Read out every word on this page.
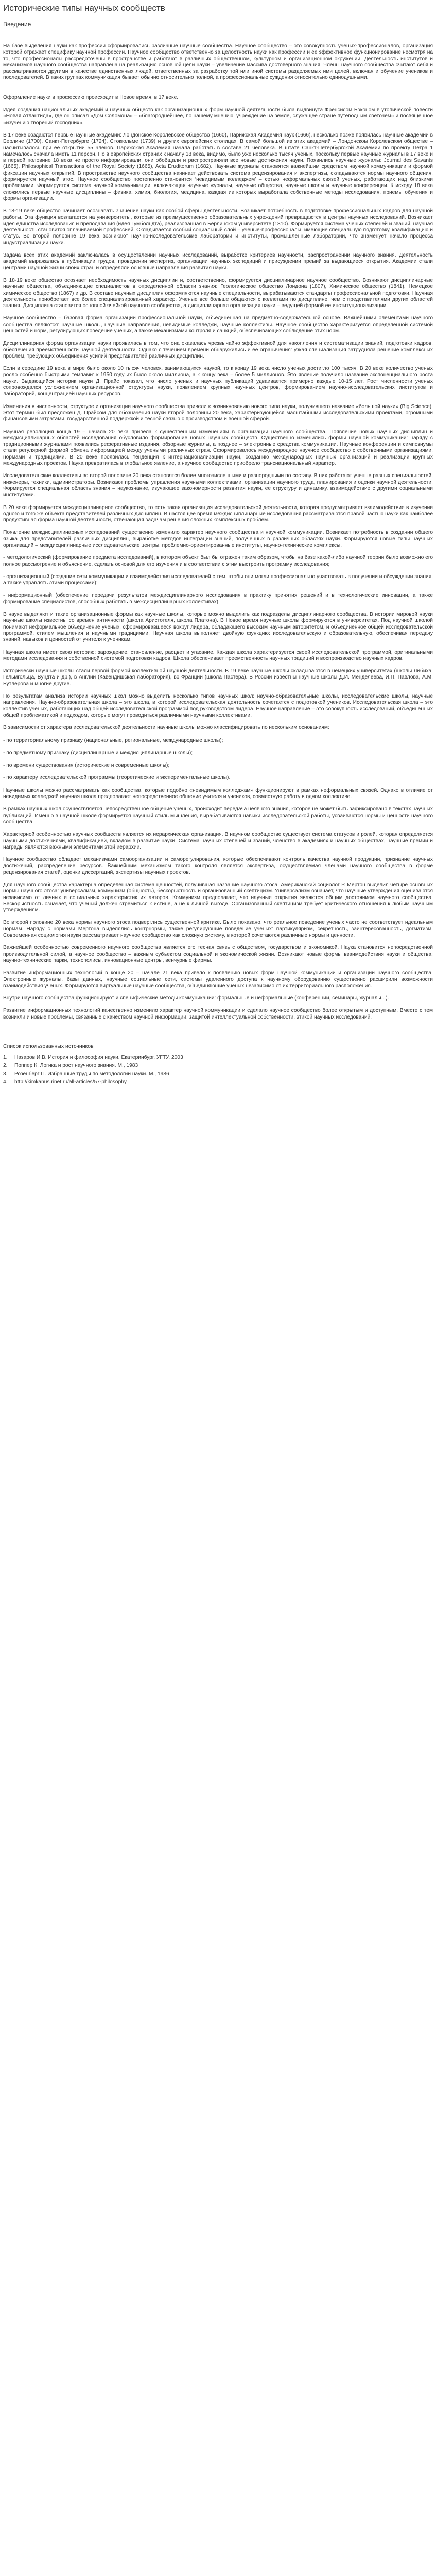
Исторические типы научных сообществ
Введение

На базе выделения науки как профессии сформировались различные научные сообщества. Научное сообщество – это совокупность ученых-профессионалов, организация которой отражает специфику научной профессии. Научное сообщество ответственно за целостность науки как профессии и ее эффективное функционирование несмотря на то, что профессионалы рассредоточены в пространстве и работают в различных общественном, культурном и организационном окружении. Деятельность институтов и механизмов научного сообщества направлена на реализацию основной цели науки – увеличение массива достоверного знания. Члены научного сообщества считают себя и рассматриваются другими в качестве единственных людей, ответственных за разработку той или иной системы разделяемых ими целей, включая и обучение учеников и последователей. В таких группах коммуникация бывает обычно относительно полной, а профессиональные суждения относительно единодушными.

Оформление науки в профессию происходит в Новое время, в 17 веке.

Идея создания национальных академий и научных обществ как организационных форм научной деятельности была выдвинута Френсисом Бэконом в утопической повести «Новая Атлантида», где он описал «Дом Соломона» – «благороднейшее, по нашему мнению, учреждение на земле, служащее стране путеводным светочем» и посвященное «изучению творений господних».

В 17 веке создаются первые научные академии: Лондонское Королевское общество (1660), Парижская Академия наук (1666), несколько позже появилась научные академии в Берлине (1700), Санкт-Петербурге (1724), Стокгольме (1739) и других европейских столицах. В самой большой из этих академий – Лондонском Королевском обществе – насчитывалось при ее открытии 55 членов. Парижская Академия начала работать в составе 21 человека. В штате Санкт-Петербургской Академии по проекту Петра 1 намечалось сначала иметь 11 персон. Но в европейских странах к началу 18 века, видимо, было уже несколько тысяч ученых, поскольку первые научные журналы в 17 веке и в первой половине 18 века не просто информировали, они обобщали и распространяли все новые достижения науки. Появились научные журналы: Journal des Savants (1665), Philosophical Transactions of the Royal Society (1665), Acta Eruditorum (1682). Научные журналы становятся важнейшим средством научной коммуникации и формой фиксации научных открытий. В пространстве научного сообщества начинает действовать система рецензирования и экспертизы, складываются нормы научного общения, формируется научный этос. Научное сообщество постепенно становится ‘невидимым колледжем’ – сетью неформальных связей ученых, работающих над близкими проблемами. Формируется система научной коммуникации, включающая научные журналы, научные общества, научные школы и научные конференции. К исходу 18 века сложились первые научные дисциплины – физика, химия, биология, медицина, каждая из которых выработала собственные методы исследования, приемы обучения и формы организации.

В 18-19 веке общество начинает осознавать значение науки как особой сферы деятельности. Возникает потребность в подготовке профессиональных кадров для научной работы. Эта функция возлагается на университеты, которые из преимущественно образовательных учреждений превращаются в центры научных исследований. Возникает идея единства исследования и преподавания (идея Гумбольдта), реализованная в Берлинском университете (1810). Формируется система ученых степеней и званий, научная деятельность становится оплачиваемой профессией. Складывается особый социальный слой – ученые-профессионалы, имеющие специальную подготовку, квалификацию и статус. Во второй половине 19 века возникают научно-исследовательские лаборатории и институты, промышленные лаборатории, что знаменует начало процесса индустриализации науки.

Задача всех этих академий заключалась в осуществлении научных исследований, выработке критериев научности, распространении научного знания. Деятельность академий выражалась в публикации трудов, проведении экспертиз, организации научных экспедиций и присуждении премий за выдающиеся открытия. Академии стали центрами научной жизни своих стран и определяли основные направления развития науки.

В 18-19 веке общество осознает необходимость научных дисциплин и, соответственно, формируется дисциплинарное научное сообщество. Возникают дисциплинарные научные общества, объединяющие специалистов в определенной области знания: Геологическое общество Лондона (1807), Химическое общество (1841), Немецкое химическое общество (1867) и др. В составе научных дисциплин оформляются научные специальности, вырабатываются стандарты профессиональной подготовки. Научная деятельность приобретает все более специализированный характер. Ученые все больше общаются с коллегами по дисциплине, чем с представителями других областей знания. Дисциплина становится основной ячейкой научного сообщества, а дисциплинарная организация науки – ведущей формой ее институционализации.

Научное сообщество – базовая форма организации профессиональной науки, объединенная на предметно-содержательной основе. Важнейшими элементами научного сообщества являются: научные школы, научные направления, невидимые колледжи, научные коллективы. Научное сообщество характеризуется определенной системой ценностей и норм, регулирующих поведение ученых, а также механизмами контроля и санкций, обеспечивающих соблюдение этих норм.

Дисциплинарная форма организации науки проявилась в том, что она оказалась чрезвычайно эффективной для накопления и систематизации знаний, подготовки кадров, обеспечения преемственности научной деятельности. Однако с течением времени обнаружились и ее ограничения: узкая специализация затрудняла решение комплексных проблем, требующих объединения усилий представителей различных дисциплин.

Если в середине 19 века в мире было около 10 тысяч человек, занимающихся наукой, то к концу 19 века число ученых достигло 100 тысяч. В 20 веке количество ученых росло особенно быстрыми темпами: к 1950 году их было около миллиона, а к концу века – более 5 миллионов. Это явление получило название экспоненциального роста науки. Выдающийся историк науки Д. Прайс показал, что число ученых и научных публикаций удваивается примерно каждые 10-15 лет. Рост численности ученых сопровождался усложнением организационной структуры науки, появлением крупных научных центров, формированием научно-исследовательских институтов и лабораторий, концентрацией научных ресурсов.

Изменения в численности, структуре и организации научного сообщества привели к возникновению нового типа науки, получившего название «большой науки» (Big Science). Этот термин был предложен Д. Прайсом для обозначения науки второй половины 20 века, характеризующейся масштабными исследовательскими проектами, огромными финансовыми затратами, государственной поддержкой и тесной связью с производством и военной сферой.

Научная революция конца 19 – начала 20 века привела к существенным изменениям в организации научного сообщества. Появление новых научных дисциплин и междисциплинарных областей исследования обусловило формирование новых научных сообществ. Существенно изменились формы научной коммуникации: наряду с традиционными журналами появились реферативные издания, обзорные журналы, а позднее – электронные средства коммуникации. Научные конференции и симпозиумы стали регулярной формой обмена информацией между учеными различных стран. Сформировалось международное научное сообщество с собственными организациями, нормами и традициями. В 20 веке проявилась тенденция к интернационализации науки, созданию международных научных организаций и реализации крупных международных проектов. Наука превратилась в глобальное явление, а научное сообщество приобрело транснациональный характер.

Исследовательские коллективы во второй половине 20 века становятся более многочисленными и разнородными по составу. В них работают ученые разных специальностей, инженеры, техники, администраторы. Возникают проблемы управления научными коллективами, организации научного труда, планирования и оценки научной деятельности. Формируется специальная область знания – наукознание, изучающее закономерности развития науки, ее структуру и динамику, взаимодействие с другими социальными институтами.

В 20 веке формируется междисциплинарное сообщество, то есть такая организация исследовательской деятельности, которая предусматривает взаимодействие в изучении одного и того же объекта представителей различных дисциплин. В настоящее время междисциплинарные исследования рассматриваются правой частью науки как наиболее продуктивная форма научной деятельности, отвечающая задачам решения сложных комплексных проблем.

Появление междисциплинарных исследований существенно изменило характер научного сообщества и научной коммуникации. Возникает потребность в создании общего языка для представителей различных дисциплин, выработке методов интеграции знаний, полученных в различных областях науки. Формируются новые типы научных организаций – междисциплинарные исследовательские центры, проблемно-ориентированные институты, научно-технические комплексы.

- методологический (формирование предмета исследований), в котором объект был бы отражен таким образом, чтобы на базе какой-либо научной теории было возможно его полное рассмотрение и объяснение, сделать основой для его изучения и в соответствии с этим выстроить программу исследования;

- организационный (создание сети коммуникации и взаимодействия исследователей с тем, чтобы они могли профессионально участвовать в получении и обсуждении знания, а также управлять этими процессами);

- информационный (обеспечение передачи результатов междисциплинарного исследования в практику принятия решений и в технологические инновации, а также формирование специалистов, способных работать в междисциплинарных коллективах).

В науке выделяют и такие организационные формы как научные школы, которые можно выделить как подразделы дисциплинарного сообщества. В истории мировой науки научные школы известны со времен античности (школа Аристотеля, школа Платона). В Новое время научные школы формируются в университетах. Под научной школой понимают неформальное объединение ученых, сформировавшееся вокруг лидера, обладающего высоким научным авторитетом, и объединенное общей исследовательской программой, стилем мышления и научными традициями. Научная школа выполняет двойную функцию: исследовательскую и образовательную, обеспечивая передачу знаний, навыков и ценностей от учителя к ученикам.

Научная школа имеет свою историю: зарождение, становление, расцвет и угасание. Каждая школа характеризуется своей исследовательской программой, оригинальными методами исследования и собственной системой подготовки кадров. Школа обеспечивает преемственность научных традиций и воспроизводство научных кадров.

Исторически научные школы стали первой формой коллективной научной деятельности. В 19 веке научные школы складываются в немецких университетах (школы Либиха, Гельмгольца, Вундта и др.), в Англии (Кавендишская лаборатория), во Франции (школа Пастера). В России известны научные школы Д.И. Менделеева, И.П. Павлова, А.М. Бутлерова и многие другие.

По результатам анализа истории научных школ можно выделить несколько типов научных школ: научно-образовательные школы, исследовательские школы, научные направления. Научно-образовательная школа – это школа, в которой исследовательская деятельность сочетается с подготовкой учеников. Исследовательская школа – это коллектив ученых, работающих над общей исследовательской программой под руководством лидера. Научное направление – это совокупность исследований, объединенных общей проблематикой и подходом, которые могут проводиться различными научными коллективами.

В зависимости от характера исследовательской деятельности научные школы можно классифицировать по нескольким основаниям:

- по территориальному признаку (национальные, региональные, международные школы);

- по предметному признаку (дисциплинарные и междисциплинарные школы);

- по времени существования (исторические и современные школы);

- по характеру исследовательской программы (теоретические и экспериментальные школы).

Научные школы можно рассматривать как сообщества, которые подобно «невидимым колледжам» функционируют в рамках неформальных связей. Однако в отличие от невидимых колледжей научная школа предполагает непосредственное общение учителя и учеников, совместную работу в одном коллективе.

В рамках научных школ осуществляется непосредственное общение ученых, происходит передача неявного знания, которое не может быть зафиксировано в текстах научных публикаций. Именно в научной школе формируется научный стиль мышления, вырабатываются навыки исследовательской работы, усваиваются нормы и ценности научного сообщества.

Характерной особенностью научных сообществ является их иерархическая организация. В научном сообществе существует система статусов и ролей, которая определяется научными достижениями, квалификацией, вкладом в развитие науки. Система научных степеней и званий, членство в академиях и научных обществах, научные премии и награды являются важными элементами этой иерархии.

Научное сообщество обладает механизмами самоорганизации и саморегулирования, которые обеспечивают контроль качества научной продукции, признание научных достижений, распределение ресурсов. Важнейшим механизмом такого контроля является экспертиза, осуществляемая членами научного сообщества в форме рецензирования статей, оценки диссертаций, экспертизы научных проектов.

Для научного сообщества характерна определенная система ценностей, получившая название научного этоса. Американский социолог Р. Мертон выделил четыре основных нормы научного этоса: универсализм, коммунизм (общность), бескорыстность и организованный скептицизм. Универсализм означает, что научные утверждения оцениваются независимо от личных и социальных характеристик их авторов. Коммунизм предполагает, что научные открытия являются общим достоянием научного сообщества. Бескорыстность означает, что ученый должен стремиться к истине, а не к личной выгоде. Организованный скептицизм требует критического отношения к любым научным утверждениям.

Во второй половине 20 века нормы научного этоса подверглись существенной критике. Было показано, что реальное поведение ученых часто не соответствует идеальным нормам. Наряду с нормами Мертона выделялись контрнормы, также регулирующие поведение ученых: партикуляризм, секретность, заинтересованность, догматизм. Современная социология науки рассматривает научное сообщество как сложную систему, в которой сочетаются различные нормы и ценности.

Важнейшей особенностью современного научного сообщества является его тесная связь с обществом, государством и экономикой. Наука становится непосредственной производительной силой, а научное сообщество – важным субъектом социальной и экономической жизни. Возникают новые формы взаимодействия науки и общества: научно-технические парки, технополисы, инновационные центры, венчурные фирмы.

Развитие информационных технологий в конце 20 – начале 21 века привело к появлению новых форм научной коммуникации и организации научного сообщества. Электронные журналы, базы данных, научные социальные сети, системы удаленного доступа к научному оборудованию существенно расширили возможности взаимодействия ученых. Формируются виртуальные научные сообщества, объединяющие ученых независимо от их территориального расположения.

Внутри научного сообщества функционируют и специфические методы коммуникации: формальные и неформальные (конференции, семинары, журналы...).

Развитие информационных технологий качественно изменило характер научной коммуникации и сделало научное сообщество более открытым и доступным. Вместе с тем возникли и новые проблемы, связанные с качеством научной информации, защитой интеллектуальной собственности, этикой научных исследований.

Список использованных источников
1.	Назаров И.В. История и философия науки. Екатеринбург, УГТУ, 2003
2.	Поппер К. Логика и рост научного знания. М., 1983
3.	Розенберг П. Избранные труды по методологии науки. М., 1986
4.	http://kimkanus.rinet.ru/all-articles/57-philosophy
